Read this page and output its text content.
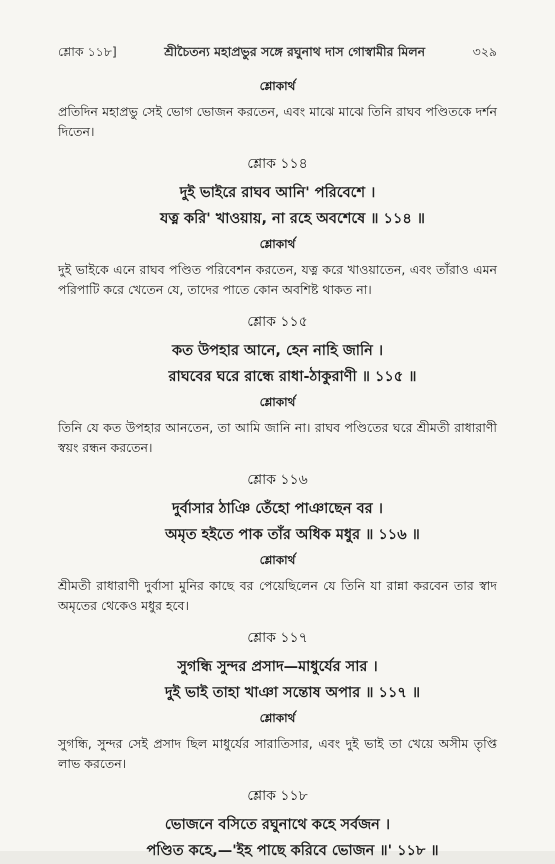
শ্লোক ১১৮]	শ্রীচৈতন্য মহাপ্রভুর সঙ্গে রঘুনাথ দাস গোস্বামীর মিলন	৩২৯
শ্লোকার্থ

প্রতিদিন মহাপ্রভু সেই ভোগ ভোজন করতেন, এবং মাঝে মাঝে তিনি রাঘব পণ্ডিতকে দর্শন দিতেন।

শ্লোক ১১৪
দুই ভাইরে রাঘব আনি' পরিবেশে ।
যত্ন করি' খাওয়ায়, না রহে অবশেষে ॥ ১১৪ ॥
শ্লোকার্থ

দুই ভাইকে এনে রাঘব পণ্ডিত পরিবেশন করতেন, যত্ন করে খাওয়াতেন, এবং তাঁরাও এমন পরিপাটি করে খেতেন যে, তাদের পাতে কোন অবশিষ্ট থাকত না।

শ্লোক ১১৫
কত উপহার আনে, হেন নাহি জানি ।
রাঘবের ঘরে রান্ধে রাধা-ঠাকুরাণী ॥ ১১৫ ॥
শ্লোকার্থ

তিনি যে কত উপহার আনতেন, তা আমি জানি না। রাঘব পণ্ডিতের ঘরে শ্রীমতী রাধারাণী স্বয়ং রন্ধন করতেন।

শ্লোক ১১৬
দুর্বাসার ঠাঞি তেঁহো পাঞাছেন বর ।
অমৃত হইতে পাক তাঁর অধিক মধুর ॥ ১১৬ ॥
শ্লোকার্থ

শ্রীমতী রাধারাণী দুর্বাসা মুনির কাছে বর পেয়েছিলেন যে তিনি যা রান্না করবেন তার স্বাদ অমৃতের থেকেও মধুর হবে।

শ্লোক ১১৭
সুগন্ধি সুন্দর প্রসাদ—মাধুর্যের সার ।
দুই ভাই তাহা খাঞা সন্তোষ অপার ॥ ১১৭ ॥
শ্লোকার্থ

সুগন্ধি, সুন্দর সেই প্রসাদ ছিল মাধুর্যের সারাতিসার, এবং দুই ভাই তা খেয়ে অসীম তৃপ্তি লাভ করতেন।

শ্লোক ১১৮
ভোজনে বসিতে রঘুনাথে কহে সর্বজন ।
পণ্ডিত কহে,—'ইহ পাছে করিবে ভোজন ॥' ১১৮ ॥
